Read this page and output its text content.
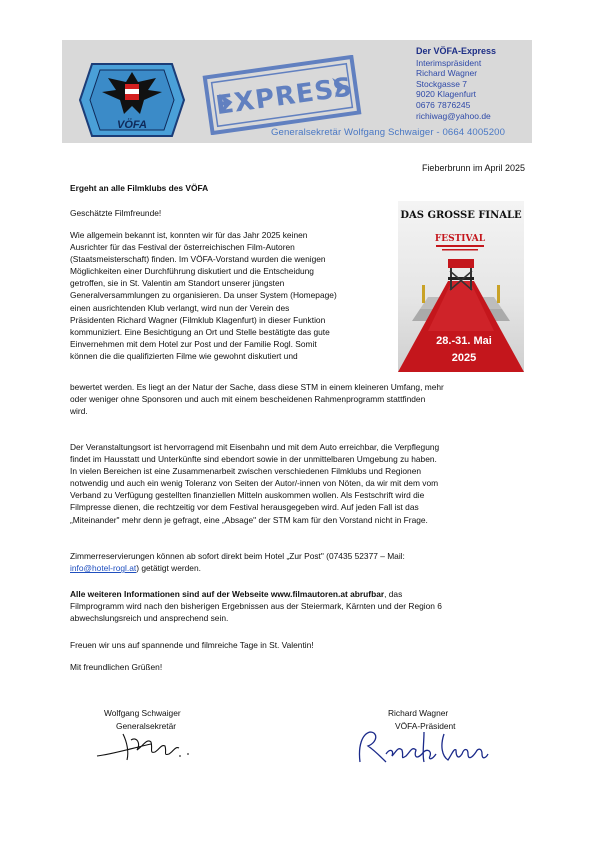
VÖFA
EXPRESS
Der VÖFA-Express
Interimspräsident
Richard Wagner
Stockgasse 7
9020 Klagenfurt
0676 7876245
richiwag@yahoo.de
Generalsekretär Wolfgang Schwaiger - 0664 4005200
Fieberbrunn im April 2025
Ergeht an alle Filmklubs des VÖFA
Geschätzte Filmfreunde!
Wie allgemein bekannt ist, konnten wir für das Jahr 2025 keinen
Ausrichter für das Festival der österreichischen Film-Autoren
(Staatsmeisterschaft) finden. Im VÖFA-Vorstand wurden die wenigen
Möglichkeiten einer Durchführung diskutiert und die Entscheidung
getroffen, sie in St. Valentin am Standort unserer jüngsten
Generalversammlungen zu organisieren. Da unser System (Homepage)
einen ausrichtenden Klub verlangt, wird nun der Verein des
Präsidenten Richard Wagner (Filmklub Klagenfurt) in dieser Funktion
kommuniziert. Eine Besichtigung an Ort und Stelle bestätigte das gute
Einvernehmen mit dem Hotel zur Post und der Familie Rogl. Somit
können die die qualifizierten Filme wie gewohnt diskutiert und
bewertet werden. Es liegt an der Natur der Sache, dass diese STM in einem kleineren Umfang, mehr
oder weniger ohne Sponsoren und auch mit einem bescheidenen Rahmenprogramm stattfinden
wird.
DAS GROSSE FINALE
FESTIVAL
28.-31. Mai
2025
Der Veranstaltungsort ist hervorragend mit Eisenbahn und mit dem Auto erreichbar, die Verpflegung
findet im Hausstatt und Unterkünfte sind ebendort sowie in der unmittelbaren Umgebung zu haben.
In vielen Bereichen ist eine Zusammenarbeit zwischen verschiedenen Filmklubs und Regionen
notwendig und auch ein wenig Toleranz von Seiten der Autor/-innen von Nöten, da wir mit dem vom
Verband zu Verfügung gestellten finanziellen Mitteln auskommen wollen. Als Festschrift wird die
Filmpresse dienen, die rechtzeitig vor dem Festival herausgegeben wird. Auf jeden Fall ist das
„Miteinander" mehr denn je gefragt, eine „Absage" der STM kam für den Vorstand nicht in Frage.
Zimmerreservierungen können ab sofort direkt beim Hotel „Zur Post" (07435 52377 – Mail:
info@hotel-rogl.at) getätigt werden.
Alle weiteren Informationen sind auf der Webseite www.filmautoren.at abrufbar, das
Filmprogramm wird nach den bisherigen Ergebnissen aus der Steiermark, Kärnten und der Region 6
abwechslungsreich und ansprechend sein.
Freuen wir uns auf spannende und filmreiche Tage in St. Valentin!
Mit freundlichen Grüßen!
Wolfgang Schwaiger
Generalsekretär
Richard Wagner
VÖFA-Präsident
